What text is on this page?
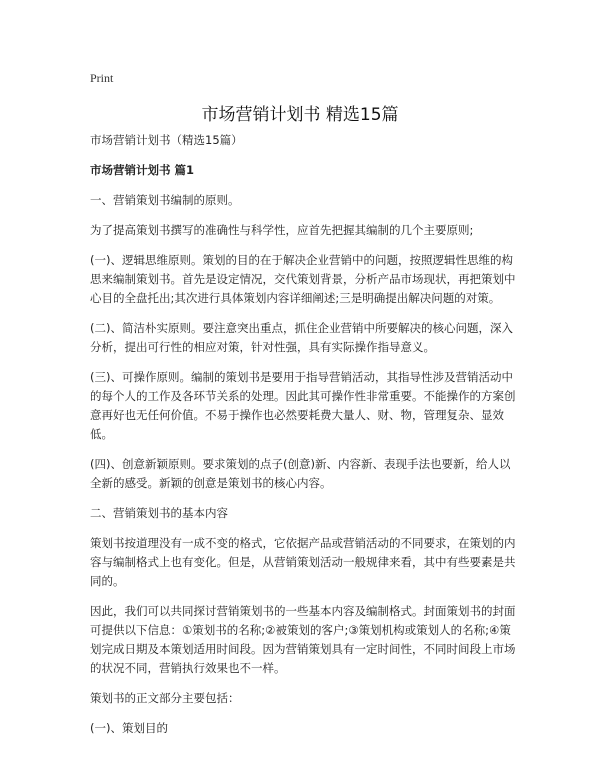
Print
市场营销计划书 精选15篇

市场营销计划书（精选15篇）

市场营销计划书 篇1

一、营销策划书编制的原则。

为了提高策划书撰写的准确性与科学性，应首先把握其编制的几个主要原则;

(一)、逻辑思维原则。策划的目的在于解决企业营销中的问题，按照逻辑性思维的构思来编制策划书。首先是设定情况，交代策划背景，分析产品市场现状，再把策划中心目的全盘托出;其次进行具体策划内容详细阐述;三是明确提出解决问题的对策。

(二)、简洁朴实原则。要注意突出重点，抓住企业营销中所要解决的核心问题，深入分析，提出可行性的相应对策，针对性强，具有实际操作指导意义。

(三)、可操作原则。编制的策划书是要用于指导营销活动，其指导性涉及营销活动中的每个人的工作及各环节关系的处理。因此其可操作性非常重要。不能操作的方案创意再好也无任何价值。不易于操作也必然要耗费大量人、财、物，管理复杂、显效低。

(四)、创意新颖原则。要求策划的点子(创意)新、内容新、表现手法也要新，给人以全新的感受。新颖的创意是策划书的核心内容。

二、营销策划书的基本内容

策划书按道理没有一成不变的格式，它依据产品或营销活动的不同要求，在策划的内容与编制格式上也有变化。但是，从营销策划活动一般规律来看，其中有些要素是共同的。

因此，我们可以共同探讨营销策划书的一些基本内容及编制格式。封面策划书的封面可提供以下信息：①策划书的名称;②被策划的客户;③策划机构或策划人的名称;④策划完成日期及本策划适用时间段。因为营销策划具有一定时间性，不同时间段上市场的状况不同，营销执行效果也不一样。

策划书的正文部分主要包括：

(一)、策划目的
